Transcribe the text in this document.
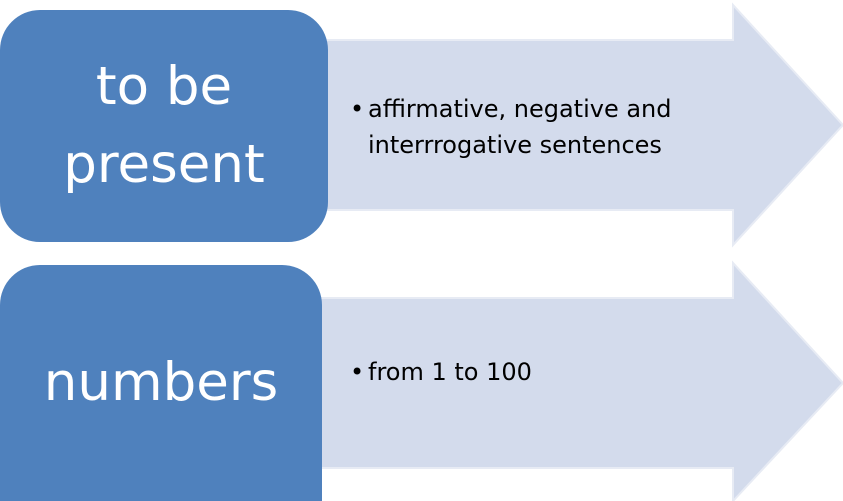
to be
present
• affirmative, negative and interrrogative sentences
numbers	• from 1 to 100
